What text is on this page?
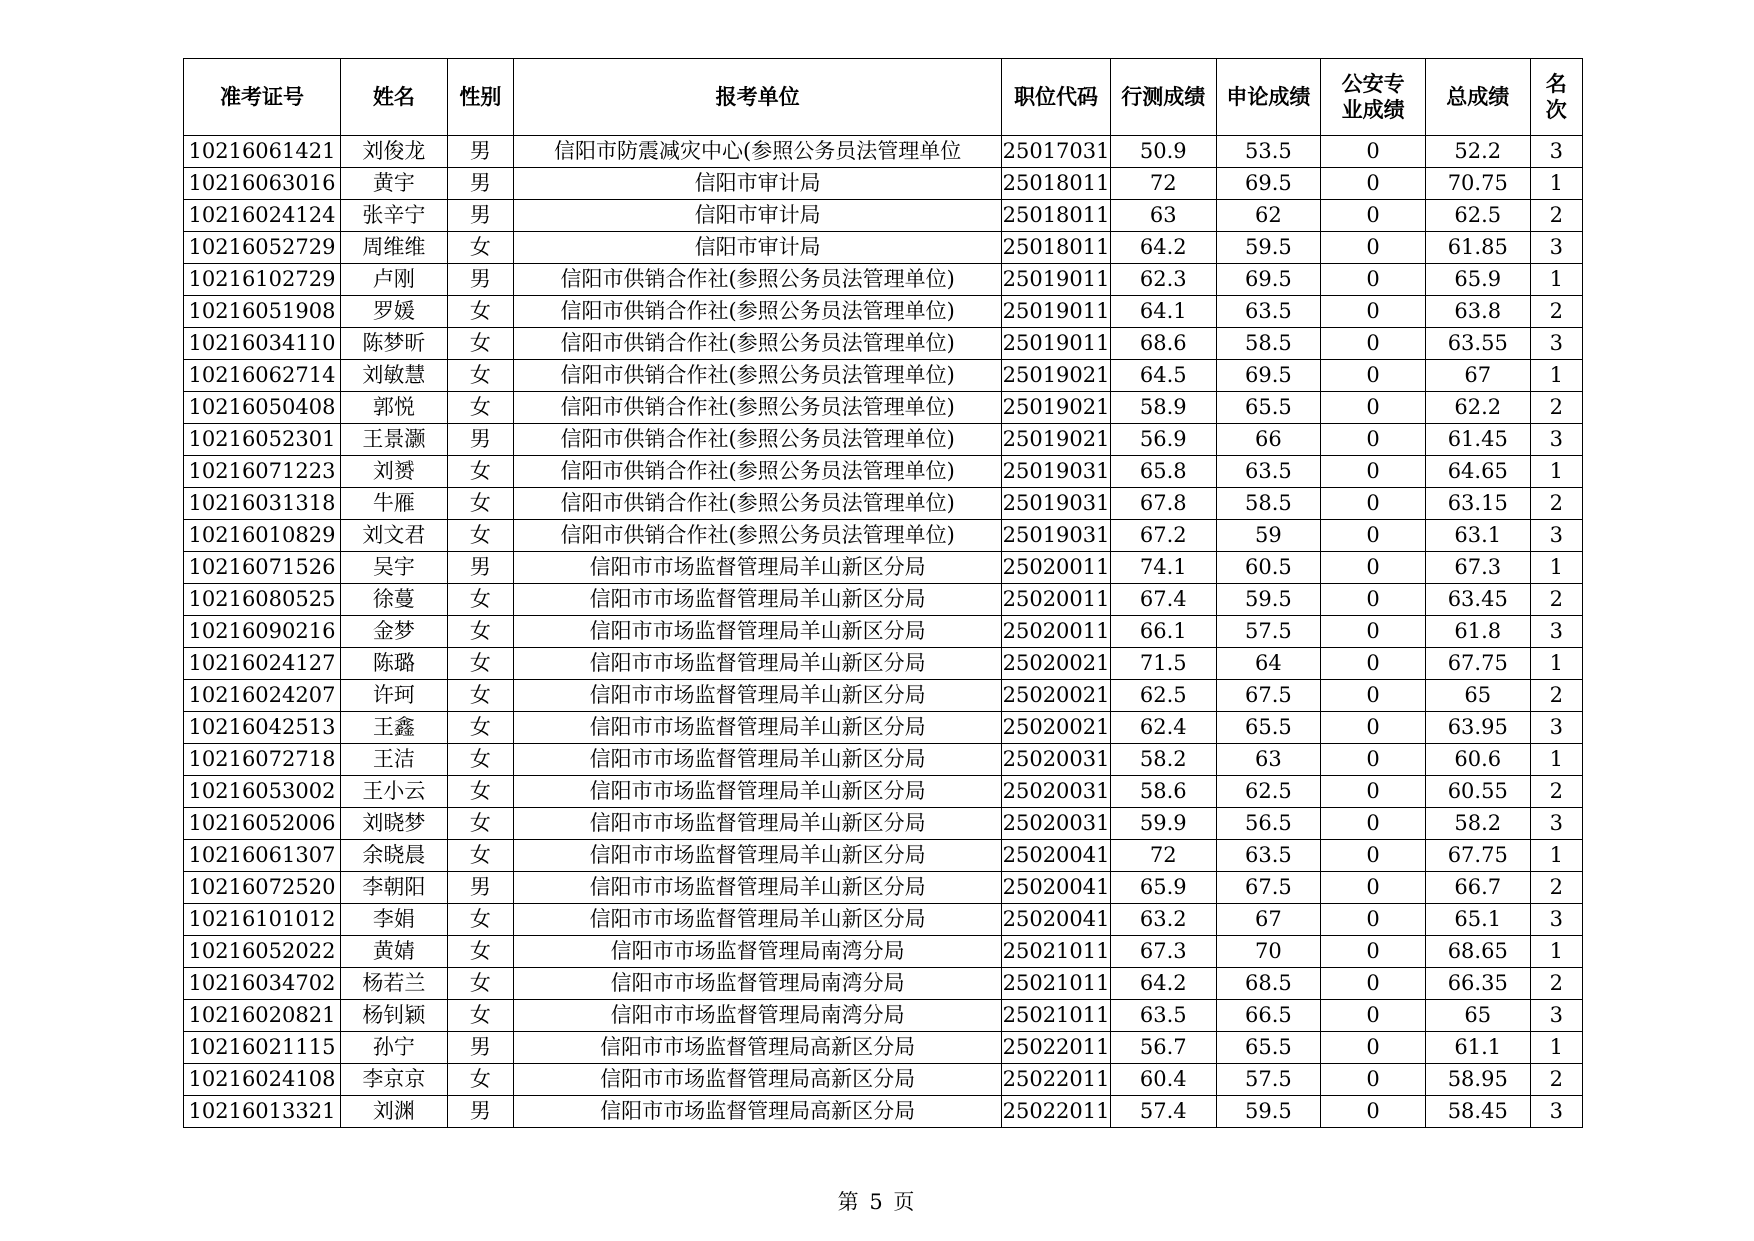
准考证号	姓名	性别	报考单位	职位代码	行测成绩	申论成绩	公安专业成绩	总成绩	名次
10216061421	刘俊龙	男	信阳市防震减灾中心(参照公务员法管理单位	25017031	50.9	53.5	0	52.2	3
10216063016	黄宇	男	信阳市审计局	25018011	72	69.5	0	70.75	1
10216024124	张辛宁	男	信阳市审计局	25018011	63	62	0	62.5	2
10216052729	周维维	女	信阳市审计局	25018011	64.2	59.5	0	61.85	3
10216102729	卢刚	男	信阳市供销合作社(参照公务员法管理单位)	25019011	62.3	69.5	0	65.9	1
10216051908	罗媛	女	信阳市供销合作社(参照公务员法管理单位)	25019011	64.1	63.5	0	63.8	2
10216034110	陈梦昕	女	信阳市供销合作社(参照公务员法管理单位)	25019011	68.6	58.5	0	63.55	3
10216062714	刘敏慧	女	信阳市供销合作社(参照公务员法管理单位)	25019021	64.5	69.5	0	67	1
10216050408	郭悦	女	信阳市供销合作社(参照公务员法管理单位)	25019021	58.9	65.5	0	62.2	2
10216052301	王景灏	男	信阳市供销合作社(参照公务员法管理单位)	25019021	56.9	66	0	61.45	3
10216071223	刘赟	女	信阳市供销合作社(参照公务员法管理单位)	25019031	65.8	63.5	0	64.65	1
10216031318	牛雁	女	信阳市供销合作社(参照公务员法管理单位)	25019031	67.8	58.5	0	63.15	2
10216010829	刘文君	女	信阳市供销合作社(参照公务员法管理单位)	25019031	67.2	59	0	63.1	3
10216071526	吴宇	男	信阳市市场监督管理局羊山新区分局	25020011	74.1	60.5	0	67.3	1
10216080525	徐蔓	女	信阳市市场监督管理局羊山新区分局	25020011	67.4	59.5	0	63.45	2
10216090216	金梦	女	信阳市市场监督管理局羊山新区分局	25020011	66.1	57.5	0	61.8	3
10216024127	陈璐	女	信阳市市场监督管理局羊山新区分局	25020021	71.5	64	0	67.75	1
10216024207	许珂	女	信阳市市场监督管理局羊山新区分局	25020021	62.5	67.5	0	65	2
10216042513	王鑫	女	信阳市市场监督管理局羊山新区分局	25020021	62.4	65.5	0	63.95	3
10216072718	王洁	女	信阳市市场监督管理局羊山新区分局	25020031	58.2	63	0	60.6	1
10216053002	王小云	女	信阳市市场监督管理局羊山新区分局	25020031	58.6	62.5	0	60.55	2
10216052006	刘晓梦	女	信阳市市场监督管理局羊山新区分局	25020031	59.9	56.5	0	58.2	3
10216061307	余晓晨	女	信阳市市场监督管理局羊山新区分局	25020041	72	63.5	0	67.75	1
10216072520	李朝阳	男	信阳市市场监督管理局羊山新区分局	25020041	65.9	67.5	0	66.7	2
10216101012	李娟	女	信阳市市场监督管理局羊山新区分局	25020041	63.2	67	0	65.1	3
10216052022	黄婧	女	信阳市市场监督管理局南湾分局	25021011	67.3	70	0	68.65	1
10216034702	杨若兰	女	信阳市市场监督管理局南湾分局	25021011	64.2	68.5	0	66.35	2
10216020821	杨钊颖	女	信阳市市场监督管理局南湾分局	25021011	63.5	66.5	0	65	3
10216021115	孙宁	男	信阳市市场监督管理局高新区分局	25022011	56.7	65.5	0	61.1	1
10216024108	李京京	女	信阳市市场监督管理局高新区分局	25022011	60.4	57.5	0	58.95	2
10216013321	刘渊	男	信阳市市场监督管理局高新区分局	25022011	57.4	59.5	0	58.45	3
第 5 页
